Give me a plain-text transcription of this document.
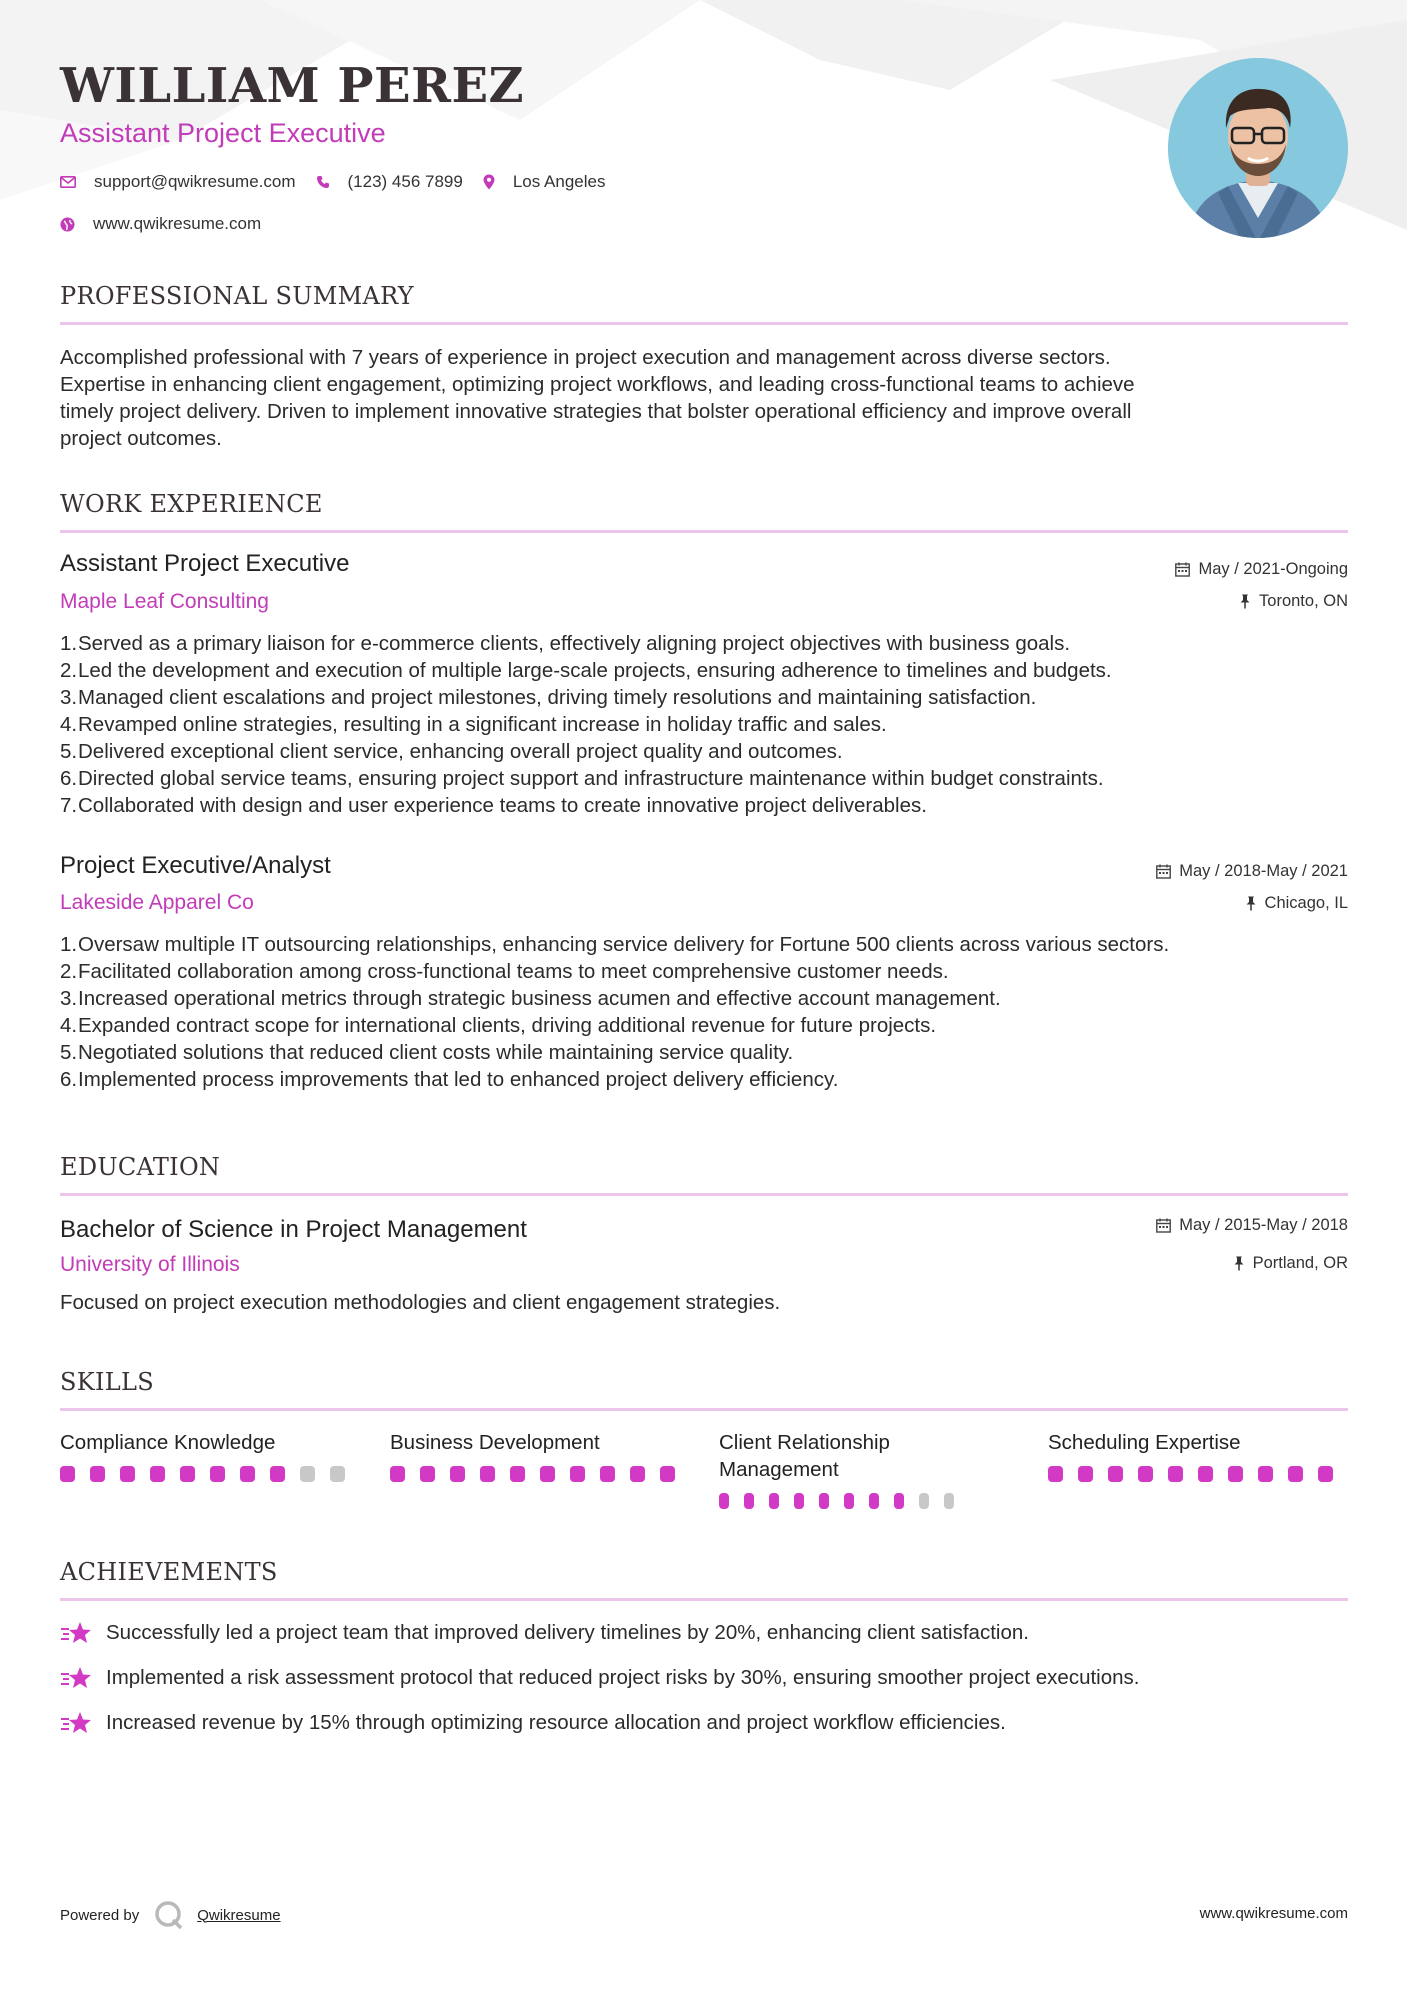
WILLIAM PEREZ
Assistant Project Executive
support@qwikresume.com	(123) 456 7899	Los Angeles
www.qwikresume.com
PROFESSIONAL SUMMARY
Accomplished professional with 7 years of experience in project execution and management across diverse sectors.
Expertise in enhancing client engagement, optimizing project workflows, and leading cross-functional teams to achieve
timely project delivery. Driven to implement innovative strategies that bolster operational efficiency and improve overall
project outcomes.
WORK EXPERIENCE
Assistant Project Executive	May / 2021-Ongoing
Maple Leaf Consulting	Toronto, ON
1. Served as a primary liaison for e-commerce clients, effectively aligning project objectives with business goals.
2. Led the development and execution of multiple large-scale projects, ensuring adherence to timelines and budgets.
3. Managed client escalations and project milestones, driving timely resolutions and maintaining satisfaction.
4. Revamped online strategies, resulting in a significant increase in holiday traffic and sales.
5. Delivered exceptional client service, enhancing overall project quality and outcomes.
6. Directed global service teams, ensuring project support and infrastructure maintenance within budget constraints.
7. Collaborated with design and user experience teams to create innovative project deliverables.
Project Executive/Analyst	May / 2018-May / 2021
Lakeside Apparel Co	Chicago, IL
1. Oversaw multiple IT outsourcing relationships, enhancing service delivery for Fortune 500 clients across various sectors.
2. Facilitated collaboration among cross-functional teams to meet comprehensive customer needs.
3. Increased operational metrics through strategic business acumen and effective account management.
4. Expanded contract scope for international clients, driving additional revenue for future projects.
5. Negotiated solutions that reduced client costs while maintaining service quality.
6. Implemented process improvements that led to enhanced project delivery efficiency.
EDUCATION
Bachelor of Science in Project Management	May / 2015-May / 2018
University of Illinois	Portland, OR
Focused on project execution methodologies and client engagement strategies.
SKILLS
Compliance Knowledge	Business Development	Client Relationship Management
Scheduling Expertise
ACHIEVEMENTS
Successfully led a project team that improved delivery timelines by 20%, enhancing client satisfaction.
Implemented a risk assessment protocol that reduced project risks by 30%, ensuring smoother project executions.
Increased revenue by 15% through optimizing resource allocation and project workflow efficiencies.
Powered by	Qwikresume	www.qwikresume.com
